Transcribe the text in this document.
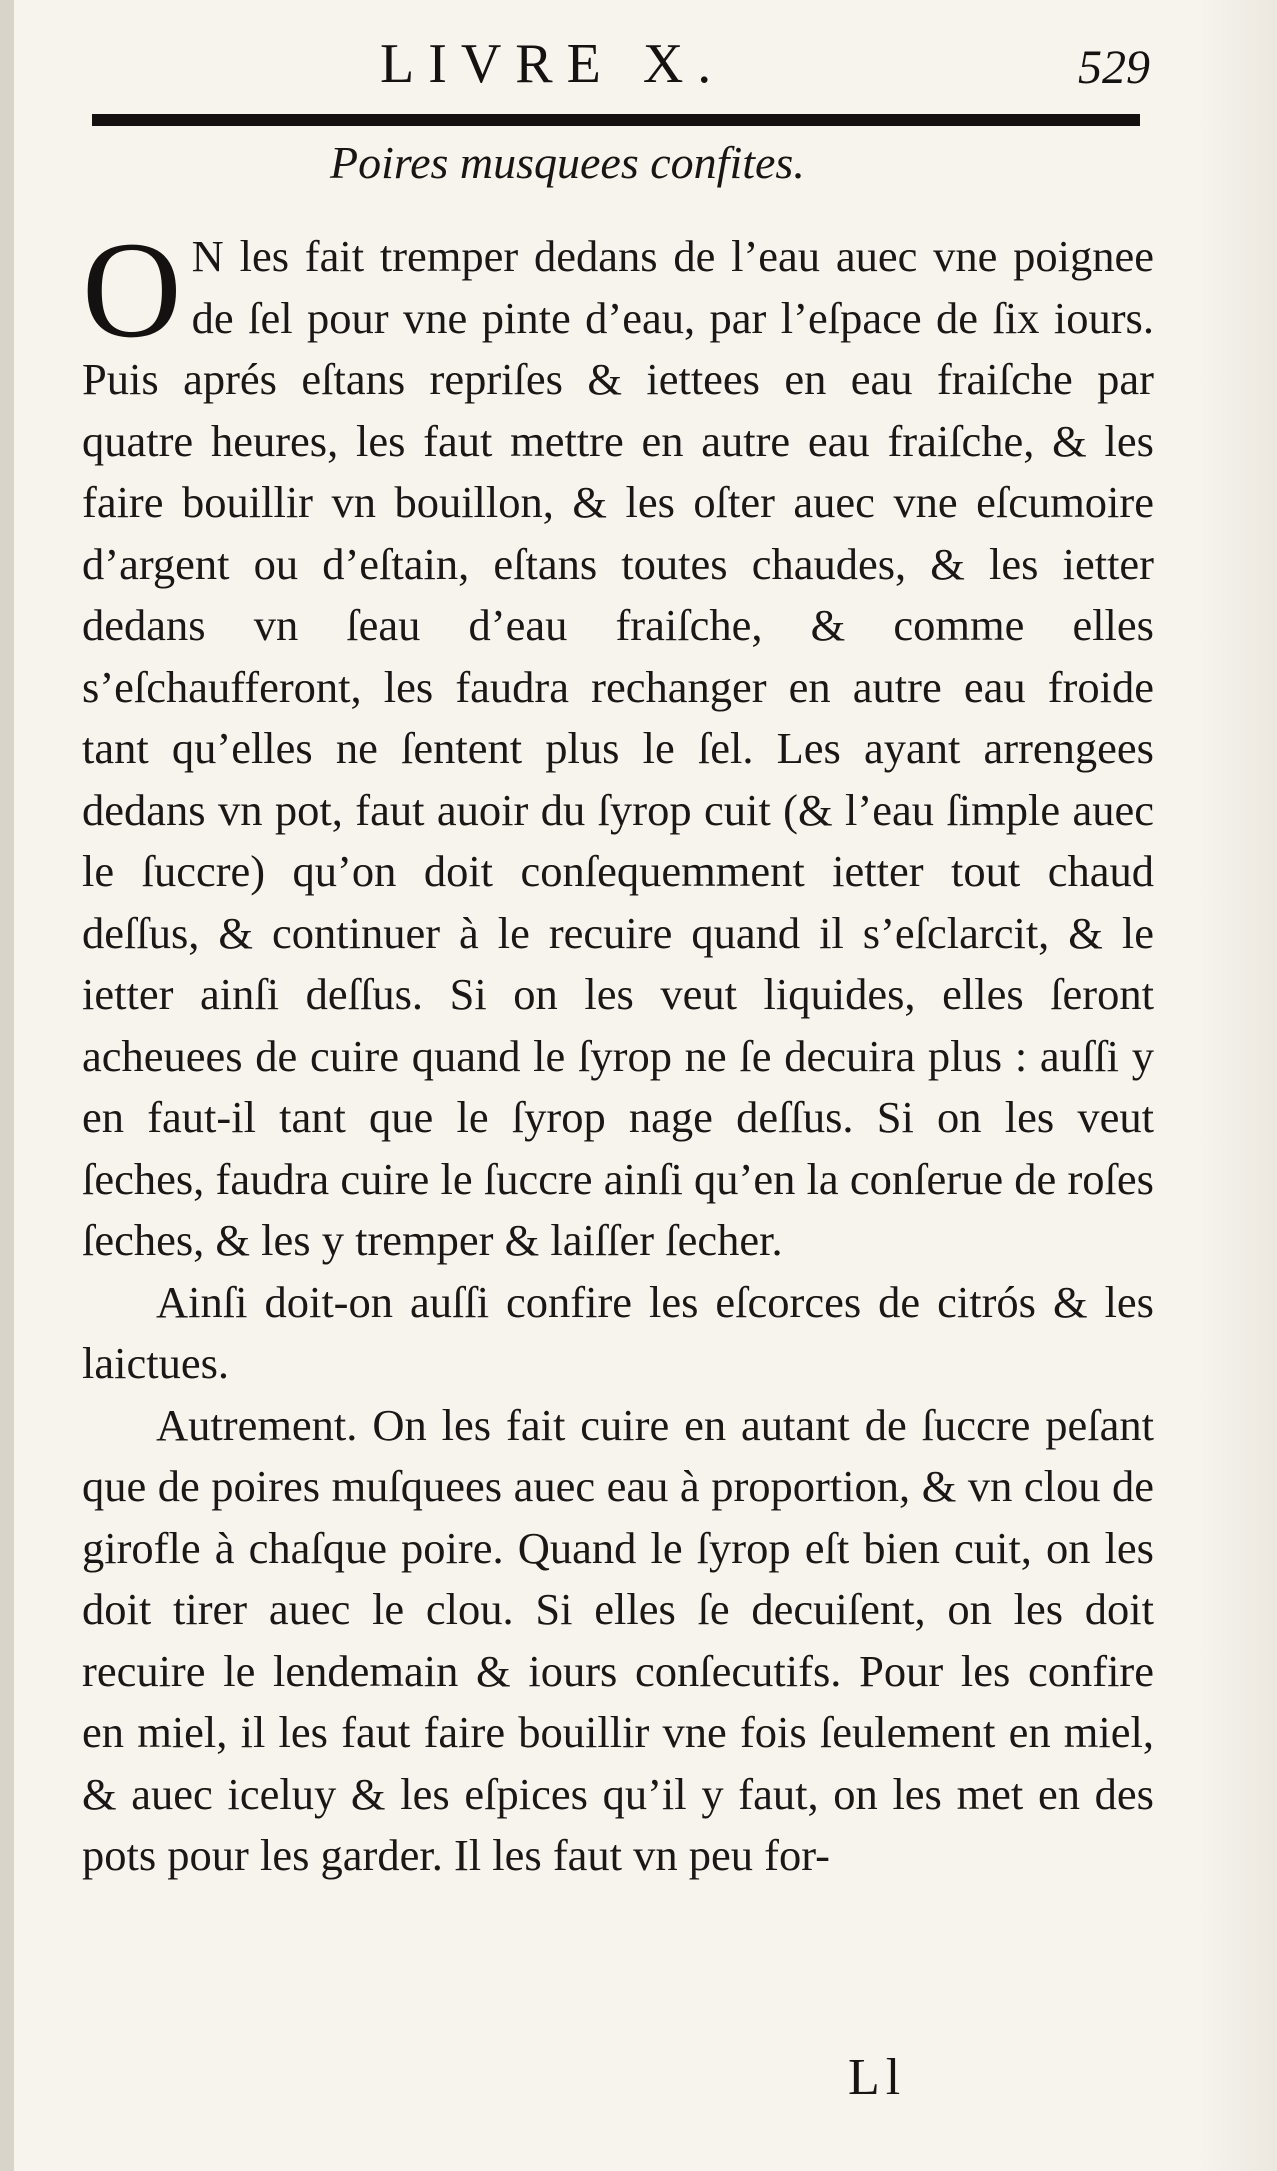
LIVRE X.	529
Poires musquees confites.

O N les fait tremper dedans de l’eau auec vne poignee de ſel pour vne pinte d’eau, par l’eſpace de ſix iours. Puis aprés eſtans repriſes & iettees en eau fraiſche par quatre heures, les faut mettre en autre eau fraiſche, & les faire bouillir vn bouillon, & les oſter auec vne eſcumoire d’argent ou d’eſtain, eſtans toutes chaudes, & les ietter dedans vn ſeau d’eau fraiſche, & comme elles s’eſchaufferont, les faudra rechanger en autre eau froide tant qu’elles ne ſentent plus le ſel. Les ayant arrengees dedans vn pot, faut auoir du ſyrop cuit (& l’eau ſimple auec le ſuccre) qu’on doit conſequemment ietter tout chaud deſſus, & continuer à le recuire quand il s’eſclarcit, & le ietter ainſi deſſus. Si on les veut liquides, elles ſeront acheuees de cuire quand le ſyrop ne ſe decuira plus : auſſi y en faut-il tant que le ſyrop nage deſſus. Si on les veut ſeches, faudra cuire le ſuccre ainſi qu’en la conſerue de roſes ſeches, & les y tremper & laiſſer ſecher.

Ainſi doit-on auſſi confire les eſcorces de citrós & les laictues.

Autrement. On les fait cuire en autant de ſuccre peſant que de poires muſquees auec eau à proportion, & vn clou de girofle à chaſque poire. Quand le ſyrop eſt bien cuit, on les doit tirer auec le clou. Si elles ſe decuiſent, on les doit recuire le lendemain & iours conſecutifs. Pour les confire en miel, il les faut faire bouillir vne fois ſeulement en miel, & auec iceluy & les eſpices qu’il y faut, on les met en des pots pour les garder. Il les faut vn peu for-

Ll
